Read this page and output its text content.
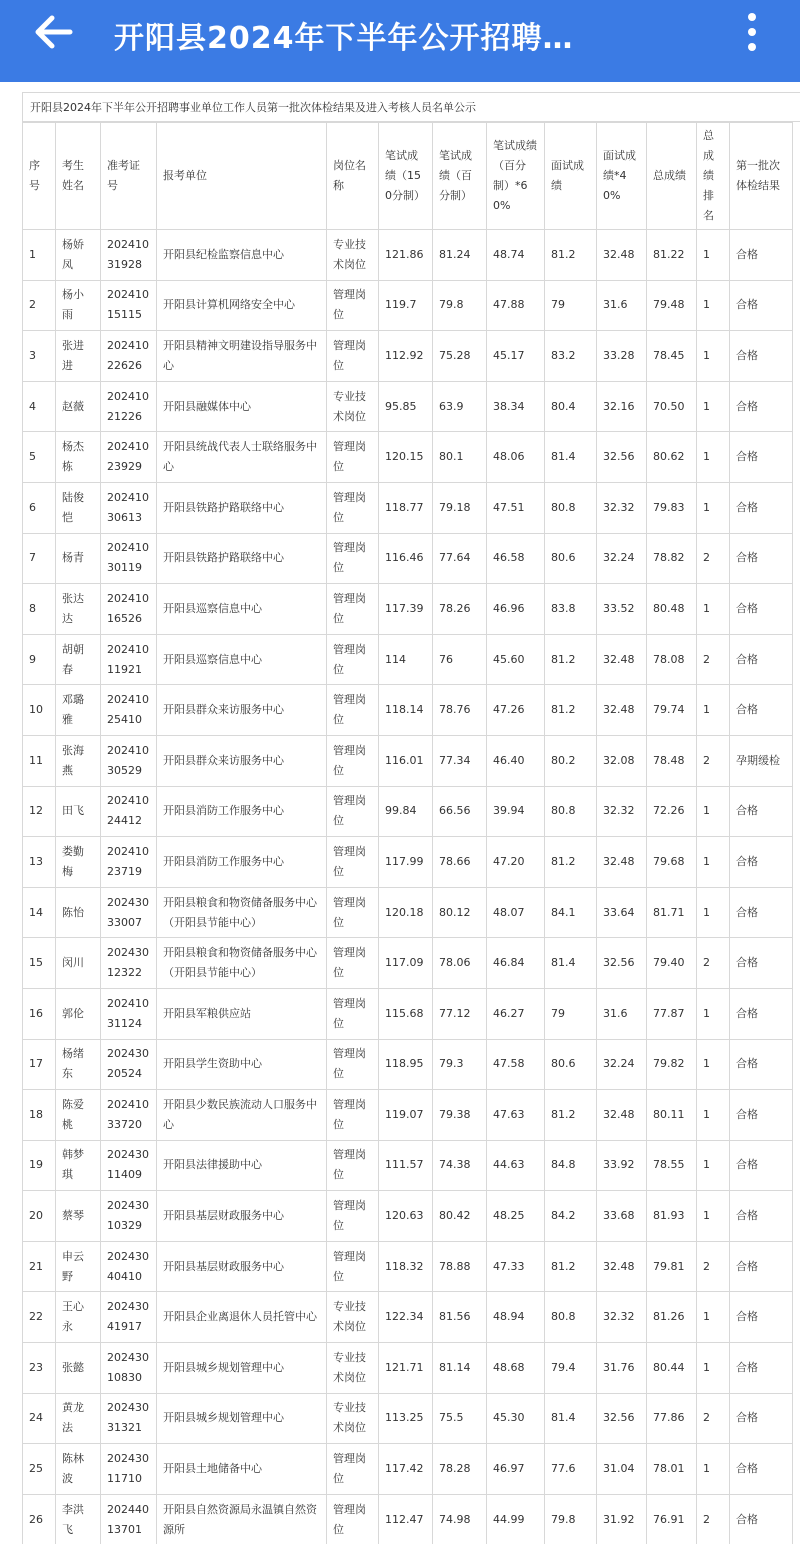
开阳县2024年下半年公开招聘…
开阳县2024年下半年公开招聘事业单位工作人员第一批次体检结果及进入考核人员名单公示
序号	考生姓名	准考证号	报考单位	岗位名称	笔试成绩（150分制）	笔试成绩（百分制）	笔试成绩（百分制）*60%	面试成绩	面试成绩*40%	总成绩	总成绩排名	第一批次体检结果
1	杨娇凤	20241031928	开阳县纪检监察信息中心	专业技术岗位	121.86	81.24	48.74	81.2	32.48	81.22	1	合格
2	杨小雨	20241015115	开阳县计算机网络安全中心	管理岗位	119.7	79.8	47.88	79	31.6	79.48	1	合格
3	张进进	20241022626	开阳县精神文明建设指导服务中心	管理岗位	112.92	75.28	45.17	83.2	33.28	78.45	1	合格
4	赵薇	20241021226	开阳县融媒体中心	专业技术岗位	95.85	63.9	38.34	80.4	32.16	70.50	1	合格
5	杨杰栋	20241023929	开阳县统战代表人士联络服务中心	管理岗位	120.15	80.1	48.06	81.4	32.56	80.62	1	合格
6	陆俊恺	20241030613	开阳县铁路护路联络中心	管理岗位	118.77	79.18	47.51	80.8	32.32	79.83	1	合格
7	杨青	20241030119	开阳县铁路护路联络中心	管理岗位	116.46	77.64	46.58	80.6	32.24	78.82	2	合格
8	张达达	20241016526	开阳县巡察信息中心	管理岗位	117.39	78.26	46.96	83.8	33.52	80.48	1	合格
9	胡朝春	20241011921	开阳县巡察信息中心	管理岗位	114	76	45.60	81.2	32.48	78.08	2	合格
10	邓璐雅	20241025410	开阳县群众来访服务中心	管理岗位	118.14	78.76	47.26	81.2	32.48	79.74	1	合格
11	张海燕	20241030529	开阳县群众来访服务中心	管理岗位	116.01	77.34	46.40	80.2	32.08	78.48	2	孕期缓检
12	田飞	20241024412	开阳县消防工作服务中心	管理岗位	99.84	66.56	39.94	80.8	32.32	72.26	1	合格
13	娄勤梅	20241023719	开阳县消防工作服务中心	管理岗位	117.99	78.66	47.20	81.2	32.48	79.68	1	合格
14	陈怡	20243033007	开阳县粮食和物资储备服务中心（开阳县节能中心）	管理岗位	120.18	80.12	48.07	84.1	33.64	81.71	1	合格
15	闵川	20243012322	开阳县粮食和物资储备服务中心（开阳县节能中心）	管理岗位	117.09	78.06	46.84	81.4	32.56	79.40	2	合格
16	郭伦	20241031124	开阳县军粮供应站	管理岗位	115.68	77.12	46.27	79	31.6	77.87	1	合格
17	杨绪东	20243020524	开阳县学生资助中心	管理岗位	118.95	79.3	47.58	80.6	32.24	79.82	1	合格
18	陈爱桃	20241033720	开阳县少数民族流动人口服务中心	管理岗位	119.07	79.38	47.63	81.2	32.48	80.11	1	合格
19	韩梦琪	20243011409	开阳县法律援助中心	管理岗位	111.57	74.38	44.63	84.8	33.92	78.55	1	合格
20	蔡琴	20243010329	开阳县基层财政服务中心	管理岗位	120.63	80.42	48.25	84.2	33.68	81.93	1	合格
21	申云野	20243040410	开阳县基层财政服务中心	管理岗位	118.32	78.88	47.33	81.2	32.48	79.81	2	合格
22	王心永	20243041917	开阳县企业离退休人员托管中心	专业技术岗位	122.34	81.56	48.94	80.8	32.32	81.26	1	合格
23	张懿	20243010830	开阳县城乡规划管理中心	专业技术岗位	121.71	81.14	48.68	79.4	31.76	80.44	1	合格
24	黄龙法	20243031321	开阳县城乡规划管理中心	专业技术岗位	113.25	75.5	45.30	81.4	32.56	77.86	2	合格
25	陈林波	20243011710	开阳县土地储备中心	管理岗位	117.42	78.28	46.97	77.6	31.04	78.01	1	合格
26	李洪飞	20244013701	开阳县自然资源局永温镇自然资源所	管理岗位	112.47	74.98	44.99	79.8	31.92	76.91	2	合格
